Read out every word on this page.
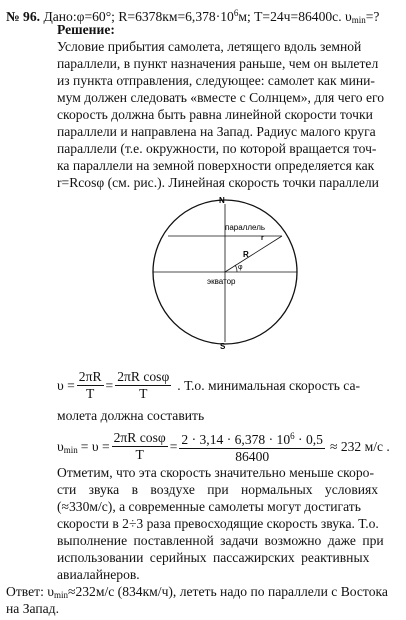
№ 96. Дано:φ=60°; $R=6378км=6,378\cdot 10^6м$; T=24ч=86400с. $\upsilon_{min}=$?
Решение:
Условие прибытия самолета, летящего вдоль земной
параллели, в пункт назначения раньше, чем он вылетел
из пункта отправления, следующее: самолет как мини-
мум должен следовать «вместе с Солнцем», для чего его
скорость должна быть равна линейной скорости точки
параллели и направлена на Запад. Радиус малого круга
параллели (т.е. окружности, по которой вращается точ-
ка параллели на земной поверхности определяется как
r=Rcosφ (см. рис.). Линейная скорость точки параллели
N
S
параллель
экватор
R
r
φ
$\upsilon = \frac{2\pi R}{T} = \frac{\text{2πR cosφ}}{T}$ . Т.о. минимальная скорость са-
молета должна составить
$\upsilon_{min} = \upsilon = \frac{\text{2πR cosφ}}{T} = \frac{2 \cdot 3,14 \cdot 6,378 \cdot 10^6 \cdot 0,5}{86400} \approx 232$ м/с .
Отметим, что эта скорость значительно меньше скоро-
сти звука в воздухе при нормальных условиях
(≈330м/с), а современные самолеты могут достигать
скорости в 2÷3 раза превосходящие скорость звука. Т.о.
выполнение поставленной задачи возможно даже при
использовании серийных пассажирских реактивных
авиалайнеров.
Ответ: $\upsilon_{min}\approx 232м/с$ (834км/ч), лететь надо по параллели с Востока
на Запад.
